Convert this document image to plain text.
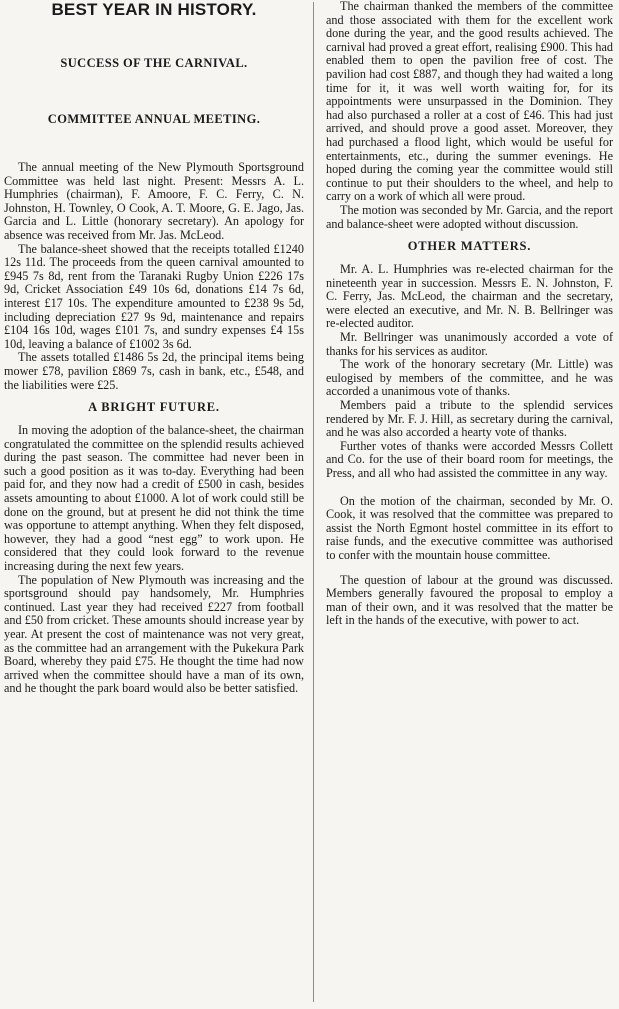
BEST YEAR IN HISTORY.
SUCCESS OF THE CARNIVAL.
COMMITTEE ANNUAL MEETING.

The annual meeting of the New Plymouth Sportsground Committee was held last night. Present: Messrs A. L. Humphries (chairman), F. Amoore, F. C. Ferry, C. N. Johnston, H. Townley, O Cook, A. T. Moore, G. E. Jago, Jas. Garcia and L. Little (honorary secretary). An apology for absence was received from Mr. Jas. McLeod.

The balance-sheet showed that the receipts totalled £1240 12s 11d. The proceeds from the queen carnival amounted to £945 7s 8d, rent from the Taranaki Rugby Union £226 17s 9d, Cricket Association £49 10s 6d, donations £14 7s 6d, interest £17 10s. The expenditure amounted to £238 9s 5d, including depreciation £27 9s 9d, maintenance and repairs £104 16s 10d, wages £101 7s, and sundry expenses £4 15s 10d, leaving a balance of £1002 3s 6d.

The assets totalled £1486 5s 2d, the principal items being mower £78, pavilion £869 7s, cash in bank, etc., £548, and the liabilities were £25.

A BRIGHT FUTURE.

In moving the adoption of the balance-sheet, the chairman congratulated the committee on the splendid results achieved during the past season. The committee had never been in such a good position as it was to-day. Everything had been paid for, and they now had a credit of £500 in cash, besides assets amounting to about £1000. A lot of work could still be done on the ground, but at present he did not think the time was opportune to attempt anything. When they felt disposed, however, they had a good “nest egg” to work upon. He considered that they could look forward to the revenue increasing during the next few years.

The population of New Plymouth was increasing and the sportsground should pay handsomely, Mr. Humphries continued. Last year they had received £227 from football and £50 from cricket. These amounts should increase year by year. At present the cost of maintenance was not very great, as the committee had an arrangement with the Pukekura Park Board, whereby they paid £75. He thought the time had now arrived when the committee should have a man of its own, and he thought the park board would also be better satisfied.

The chairman thanked the members of the committee and those associated with them for the excellent work done during the year, and the good results achieved. The carnival had proved a great effort, realising £900. This had enabled them to open the pavilion free of cost. The pavilion had cost £887, and though they had waited a long time for it, it was well worth waiting for, for its appointments were unsurpassed in the Dominion. They had also purchased a roller at a cost of £46. This had just arrived, and should prove a good asset. Moreover, they had purchased a flood light, which would be useful for entertainments, etc., during the summer evenings. He hoped during the coming year the committee would still continue to put their shoulders to the wheel, and help to carry on a work of which all were proud.

The motion was seconded by Mr. Garcia, and the report and balance-sheet were adopted without discussion.

OTHER MATTERS.

Mr. A. L. Humphries was re-elected chairman for the nineteenth year in succession. Messrs E. N. Johnston, F. C. Ferry, Jas. McLeod, the chairman and the secretary, were elected an executive, and Mr. N. B. Bellringer was re-elected auditor.

Mr. Bellringer was unanimously accorded a vote of thanks for his services as auditor.

The work of the honorary secretary (Mr. Little) was eulogised by members of the committee, and he was accorded a unanimous vote of thanks.

Members paid a tribute to the splendid services rendered by Mr. F. J. Hill, as secretary during the carnival, and he was also accorded a hearty vote of thanks.

Further votes of thanks were accorded Messrs Collett and Co. for the use of their board room for meetings, the Press, and all who had assisted the committee in any way.

On the motion of the chairman, seconded by Mr. O. Cook, it was resolved that the committee was prepared to assist the North Egmont hostel committee in its effort to raise funds, and the executive committee was authorised to confer with the mountain house committee.

The question of labour at the ground was discussed. Members generally favoured the proposal to employ a man of their own, and it was resolved that the matter be left in the hands of the executive, with power to act.
